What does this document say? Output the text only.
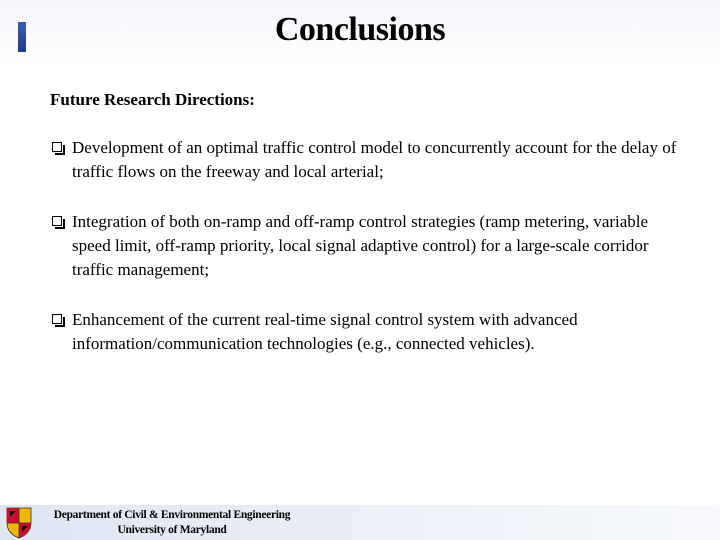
Conclusions
Future Research Directions:
Development of an optimal traffic control model to concurrently account for the delay of traffic flows on the freeway and local arterial;
Integration of both on-ramp and off-ramp control strategies (ramp metering, variable speed limit, off-ramp priority, local signal adaptive control) for a large-scale corridor traffic management;
Enhancement of the current real-time signal control system with advanced information/communication technologies (e.g., connected vehicles).
Department of Civil & Environmental Engineering
University of Maryland
